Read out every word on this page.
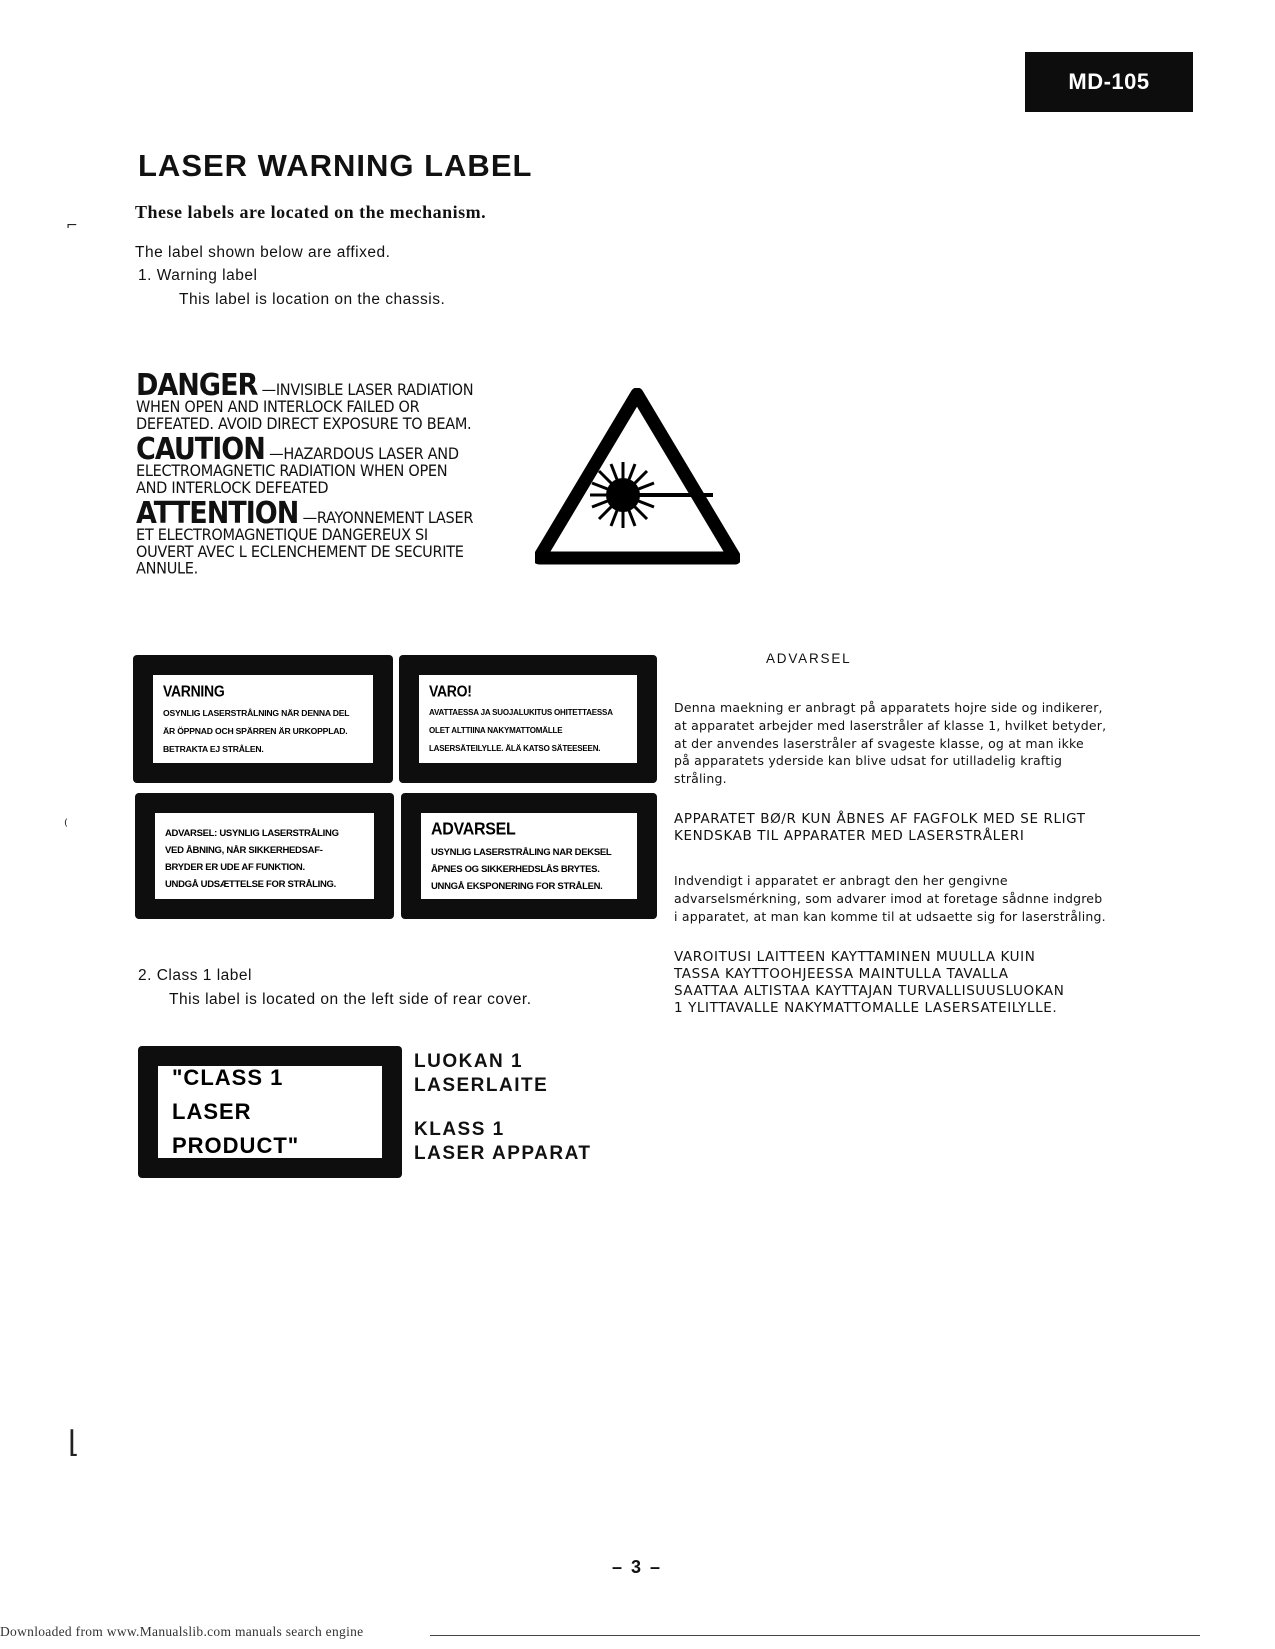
MD-105
LASER WARNING LABEL
These labels are located on the mechanism.
The label shown below are affixed.
1. Warning label
This label is location on the chassis.
DANGER —INVISIBLE LASER RADIATION
WHEN OPEN AND INTERLOCK FAILED OR
DEFEATED. AVOID DIRECT EXPOSURE TO BEAM.
CAUTION —HAZARDOUS LASER AND
ELECTROMAGNETIC RADIATION WHEN OPEN
AND INTERLOCK DEFEATED
ATTENTION —RAYONNEMENT LASER
ET ELECTROMAGNETIQUE DANGEREUX SI
OUVERT AVEC L ECLENCHEMENT DE SECURITE
ANNULE.
VARNING
OSYNLIG LASERSTRÅLNING NÄR DENNA DEL
ÄR ÖPPNAD OCH SPÄRREN ÄR URKOPPLAD.
BETRAKTA EJ STRÅLEN.
VARO!
AVATTAESSA JA SUOJALUKITUS OHITETTAESSA
OLET ALTTIINA NAKYMATTOMÄLLE
LASERSÄTEILYLLE. ÄLÄ KATSO SÄTEESEEN.
ADVARSEL: USYNLIG LASERSTRÅLING
VED ÅBNING, NÅR SIKKERHEDSAF-
BRYDER ER UDE AF FUNKTION.
UNDGÅ UDSÆTTELSE FOR STRÅLING.
ADVARSEL
USYNLIG LASERSTRÅLING NAR DEKSEL
ÅPNES OG SIKKERHEDSLÅS BRYTES.
UNNGÅ EKSPONERING FOR STRÅLEN.
2. Class 1 label
This label is located on the left side of rear cover.
"CLASS 1 LASER
PRODUCT"
LUOKAN 1
LASERLAITE
KLASS 1
LASER APPARAT
ADVARSEL
Denna maekning er anbragt på apparatets hojre side og indikerer,
at apparatet arbejder med laserstråler af klasse 1, hvilket betyder,
at der anvendes laserstråler af svageste klasse, og at man ikke
på apparatets yderside kan blive udsat for utilladelig kraftig
stråling.
APPARATET BØ/R KUN ÅBNES AF FAGFOLK MED SE RLIGT
KENDSKAB TIL APPARATER MED LASERSTRÅLERI
Indvendigt i apparatet er anbragt den her gengivne
advarselsmérkning, som advarer imod at foretage sådnne indgreb
i apparatet, at man kan komme til at udsaette sig for laserstråling.
VAROITUSI LAITTEEN KAYTTAMINEN MUULLA KUIN
TASSA KAYTTOOHJEESSA MAINTULLA TAVALLA
SAATTAA ALTISTAA KAYTTAJAN TURVALLISUUSLUOKAN
1 YLITTAVALLE NAKYMATTOMALLE LASERSATEILYLLE.
⌐
⁽
⌊
– 3 –
Downloaded from www.Manualslib.com manuals search engine
